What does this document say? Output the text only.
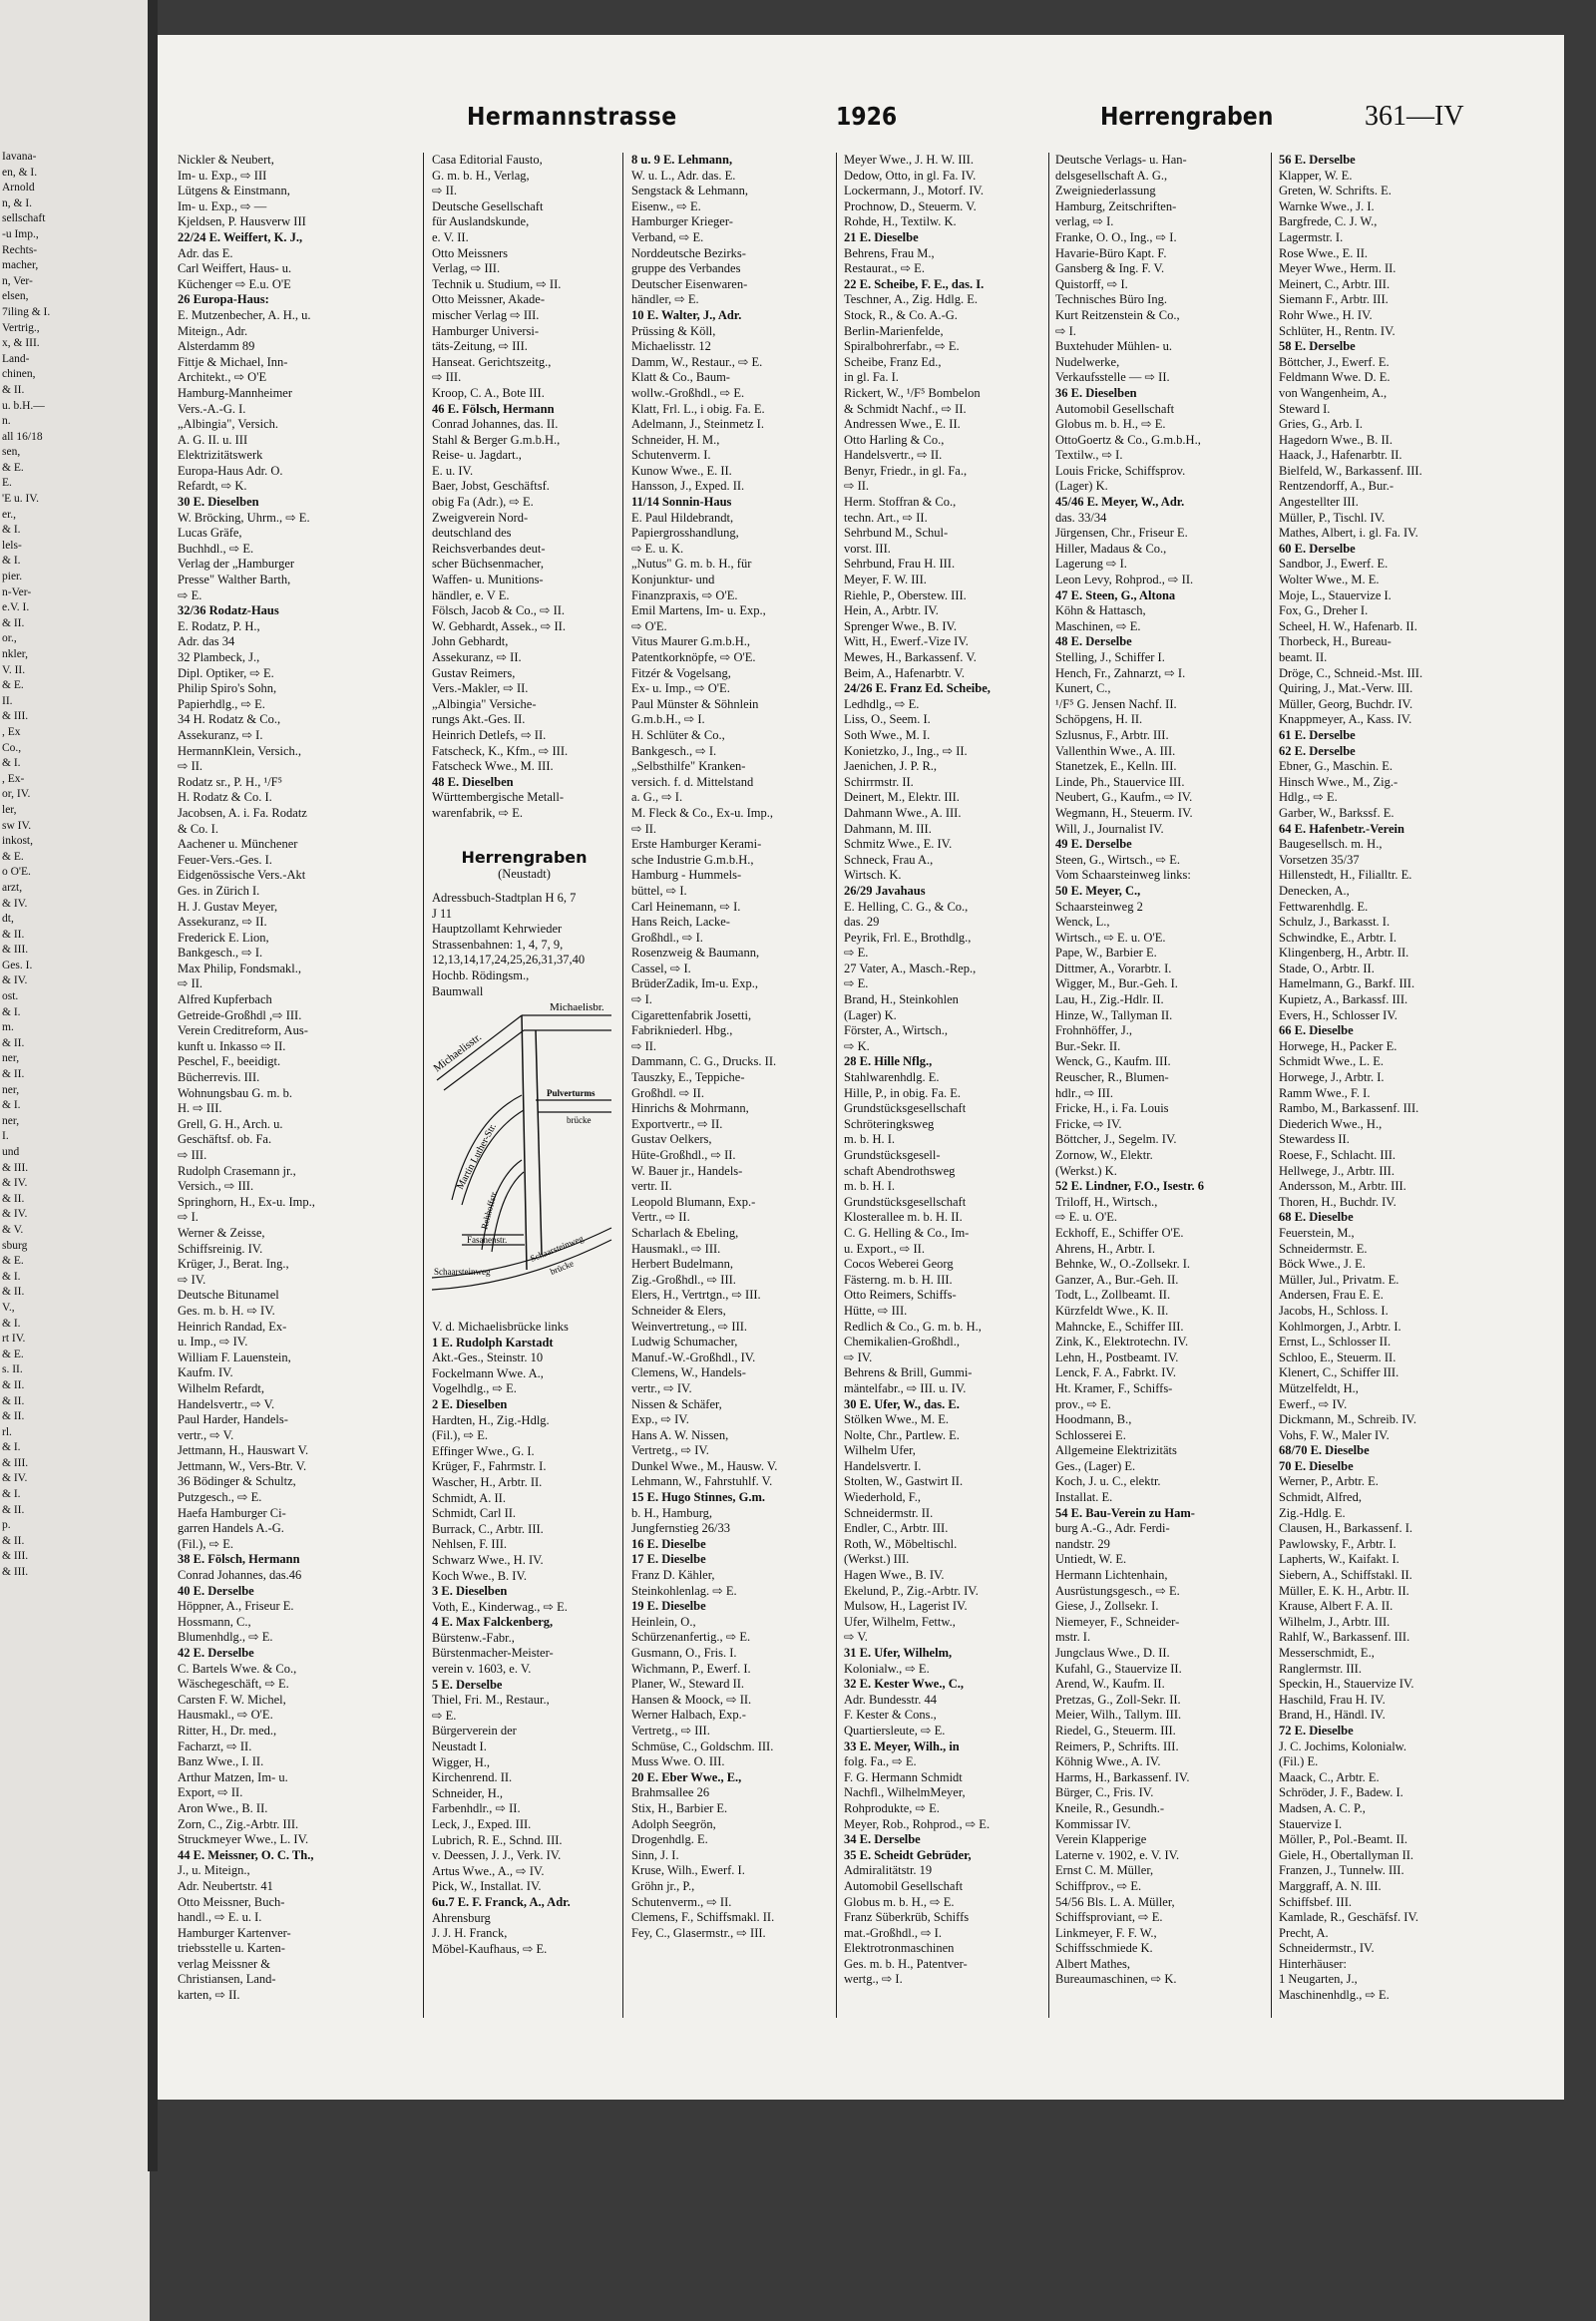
Iavana-
en, & I.
Arnold
n, & I.
sellschaft
-u Imp.,
Rechts-
macher,
n, Ver-
elsen,
7iling & I.
Vertrig.,
x, & III.
Land-
chinen,
& II.
u. b.H.—
n.
all 16/18
sen,
& E.
E.
'E u. IV.
er.,
& I.
lels-
& I.
pier.
n-Ver-
e.V. I.
& II.
or.,
nkler,
V. II.
& E.
II.
& III.
, Ex
Co.,
& I.
, Ex-
or, IV.
ler,
sw IV.
inkost,
& E.
o O'E.
arzt,
& IV.
dt,
& II.
& III.
Ges. I.
& IV.
ost.
& I.
m.
& II.
ner,
& II.
ner,
& I.
ner,
I.
und
& III.
& IV.
& II.
& IV.
& V.
sburg
& E.
& I.
& II.
V.,
& I.
rt IV.
& E.
s. II.
& II.
& II.
& II.
rl.
& I.
& III.
& IV.
& I.
& II.
p.
& II.
& III.
& III.
Hermannstrasse	1926	Herrengraben	361—IV
Nickler & Neubert,
Im- u. Exp., ⇨ III
Lütgens & Einstmann,
Im- u. Exp., ⇨ —
Kjeldsen, P. Hausverw III
22/24 E. Weiffert, K. J.,
Adr. das E.
Carl Weiffert, Haus- u.
Küchenger ⇨ E.u. O'E
26 Europa-Haus:
E. Mutzenbecher, A. H., u.
Miteign., Adr.
Alsterdamm 89
Fittje & Michael, Inn-
Architekt., ⇨ O'E
Hamburg-Mannheimer
Vers.-A.-G. I.
„Albingia", Versich.
A. G. II. u. III
Elektrizitätswerk
Europa-Haus Adr. O.
Refardt, ⇨ K.
30 E. Dieselben
W. Bröcking, Uhrm., ⇨ E.
Lucas Gräfe,
Buchhdl., ⇨ E.
Verlag der „Hamburger
Presse" Walther Barth,
⇨ E.
32/36 Rodatz-Haus
E. Rodatz, P. H.,
Adr. das 34
32 Plambeck, J.,
Dipl. Optiker, ⇨ E.
Philip Spiro's Sohn,
Papierhdlg., ⇨ E.
34 H. Rodatz & Co.,
Assekuranz, ⇨ I.
HermannKlein, Versich.,
⇨ II.
Rodatz sr., P. H., ¹/F⁵
H. Rodatz & Co. I.
Jacobsen, A. i. Fa. Rodatz
& Co. I.
Aachener u. Münchener
Feuer-Vers.-Ges. I.
Eidgenössische Vers.-Akt
Ges. in Zürich I.
H. J. Gustav Meyer,
Assekuranz, ⇨ II.
Frederick E. Lion,
Bankgesch., ⇨ I.
Max Philip, Fondsmakl.,
⇨ II.
Alfred Kupferbach
Getreide-Großhdl ,⇨ III.
Verein Creditreform, Aus-
kunft u. Inkasso ⇨ II.
Peschel, F., beeidigt.
Bücherrevis. III.
Wohnungsbau G. m. b.
H. ⇨ III.
Grell, G. H., Arch. u.
Geschäftsf. ob. Fa.
⇨ III.
Rudolph Crasemann jr.,
Versich., ⇨ III.
Springhorn, H., Ex-u. Imp.,
⇨ I.
Werner & Zeisse,
Schiffsreinig. IV.
Krüger, J., Berat. Ing.,
⇨ IV.
Deutsche Bitunamel
Ges. m. b. H. ⇨ IV.
Heinrich Randad, Ex-
u. Imp., ⇨ IV.
William F. Lauenstein,
Kaufm. IV.
Wilhelm Refardt,
Handelsvertr., ⇨ V.
Paul Harder, Handels-
vertr., ⇨ V.
Jettmann, H., Hauswart V.
Jettmann, W., Vers-Btr. V.
36 Bödinger & Schultz,
Putzgesch., ⇨ E.
Haefa Hamburger Ci-
garren Handels A.-G.
(Fil.), ⇨ E.
38 E. Fölsch, Hermann
Conrad Johannes, das.46
40 E. Derselbe
Höppner, A., Friseur E.
Hossmann, C.,
Blumenhdlg., ⇨ E.
42 E. Derselbe
C. Bartels Wwe. & Co.,
Wäschegeschäft, ⇨ E.
Carsten F. W. Michel,
Hausmakl., ⇨ O'E.
Ritter, H., Dr. med.,
Facharzt, ⇨ II.
Banz Wwe., I. II.
Arthur Matzen, Im- u.
Export, ⇨ II.
Aron Wwe., B. II.
Zorn, C., Zig.-Arbtr. III.
Struckmeyer Wwe., L. IV.
44 E. Meissner, O. C. Th.,
J., u. Miteign.,
Adr. Neubertstr. 41
Otto Meissner, Buch-
handl., ⇨ E. u. I.
Hamburger Kartenver-
triebsstelle u. Karten-
verlag Meissner &
Christiansen, Land-
karten, ⇨ II.
Casa Editorial Fausto,
G. m. b. H., Verlag,
⇨ II.
Deutsche Gesellschaft
für Auslandskunde,
e. V. II.
Otto Meissners
Verlag, ⇨ III.
Technik u. Studium, ⇨ II.
Otto Meissner, Akade-
mischer Verlag ⇨ III.
Hamburger Universi-
täts-Zeitung, ⇨ III.
Hanseat. Gerichtszeitg.,
⇨ III.
Kroop, C. A., Bote III.
46 E. Fölsch, Hermann
Conrad Johannes, das. II.
Stahl & Berger G.m.b.H.,
Reise- u. Jagdart.,
E. u. IV.
Baer, Jobst, Geschäftsf.
obig Fa (Adr.), ⇨ E.
Zweigverein Nord-
deutschland des
Reichsverbandes deut-
scher Büchsenmacher,
Waffen- u. Munitions-
händler, e. V E.
Fölsch, Jacob & Co., ⇨ II.
W. Gebhardt, Assek., ⇨ II.
John Gebhardt,
Assekuranz, ⇨ II.
Gustav Reimers,
Vers.-Makler, ⇨ II.
„Albingia" Versiche-
rungs Akt.-Ges. II.
Heinrich Detlefs, ⇨ II.
Fatscheck, K., Kfm., ⇨ III.
Fatscheck Wwe., M. III.
48 E. Dieselben
Württembergische Metall-
warenfabrik, ⇨ E.
Herrengraben
(Neustadt)
Adressbuch-Stadtplan H 6, 7
J 11
Hauptzollamt Kehrwieder
Strassenbahnen: 1, 4, 7, 9,
12,13,14,17,24,25,26,31,37,40
Hochb. Rödingsm.,
Baumwall
Michaelisbr.
Michaelisstr.
Martin Luther-Str.
Pulverturms
brücke
Rehhoffstr.
Fasanenstr.
Schaarsteinweg
Schaarsteinweg
brücke
V. d. Michaelisbrücke links
1 E. Rudolph Karstadt
Akt.-Ges., Steinstr. 10
Fockelmann Wwe. A.,
Vogelhdlg., ⇨ E.
2 E. Dieselben
Hardten, H., Zig.-Hdlg.
(Fil.), ⇨ E.
Effinger Wwe., G. I.
Krüger, F., Fahrmstr. I.
Wascher, H., Arbtr. II.
Schmidt, A. II.
Schmidt, Carl II.
Burrack, C., Arbtr. III.
Nehlsen, F. III.
Schwarz Wwe., H. IV.
Koch Wwe., B. IV.
3 E. Dieselben
Voth, E., Kinderwag., ⇨ E.
4 E. Max Falckenberg,
Bürstenw.-Fabr.,
Bürstenmacher-Meister-
verein v. 1603, e. V.
5 E. Derselbe
Thiel, Fri. M., Restaur.,
⇨ E.
Bürgerverein der
Neustadt I.
Wigger, H.,
Kirchenrend. II.
Schneider, H.,
Farbenhdlr., ⇨ II.
Leck, J., Exped. III.
Lubrich, R. E., Schnd. III.
v. Deessen, J. J., Verk. IV.
Artus Wwe., A., ⇨ IV.
Pick, W., Installat. IV.
6u.7 E. F. Franck, A., Adr.
Ahrensburg
J. J. H. Franck,
Möbel-Kaufhaus, ⇨ E.
8 u. 9 E. Lehmann,
W. u. L., Adr. das. E.
Sengstack & Lehmann,
Eisenw., ⇨ E.
Hamburger Krieger-
Verband, ⇨ E.
Norddeutsche Bezirks-
gruppe des Verbandes
Deutscher Eisenwaren-
händler, ⇨ E.
10 E. Walter, J., Adr.
Prüssing & Köll,
Michaelisstr. 12
Damm, W., Restaur., ⇨ E.
Klatt & Co., Baum-
wollw.-Großhdl., ⇨ E.
Klatt, Frl. L., i obig. Fa. E.
Adelmann, J., Steinmetz I.
Schneider, H. M.,
Schutenverm. I.
Kunow Wwe., E. II.
Hansson, J., Exped. II.
11/14 Sonnin-Haus
E. Paul Hildebrandt,
Papiergrosshandlung,
⇨ E. u. K.
„Nutus" G. m. b. H., für
Konjunktur- und
Finanzpraxis, ⇨ O'E.
Emil Martens, Im- u. Exp.,
⇨ O'E.
Vitus Maurer G.m.b.H.,
Patentkorknöpfe, ⇨ O'E.
Fitzér & Vogelsang,
Ex- u. Imp., ⇨ O'E.
Paul Münster & Söhnlein
G.m.b.H., ⇨ I.
H. Schlüter & Co.,
Bankgesch., ⇨ I.
„Selbsthilfe" Kranken-
versich. f. d. Mittelstand
a. G., ⇨ I.
M. Fleck & Co., Ex-u. Imp.,
⇨ II.
Erste Hamburger Kerami-
sche Industrie G.m.b.H.,
Hamburg - Hummels-
büttel, ⇨ I.
Carl Heinemann, ⇨ I.
Hans Reich, Lacke-
Großhdl., ⇨ I.
Rosenzweig & Baumann,
Cassel, ⇨ I.
BrüderZadik, Im-u. Exp.,
⇨ I.
Cigarettenfabrik Josetti,
Fabrikniederl. Hbg.,
⇨ II.
Dammann, C. G., Drucks. II.
Tauszky, E., Teppiche-
Großhdl. ⇨ II.
Hinrichs & Mohrmann,
Exportvertr., ⇨ II.
Gustav Oelkers,
Hüte-Großhdl., ⇨ II.
W. Bauer jr., Handels-
vertr. II.
Leopold Blumann, Exp.-
Vertr., ⇨ II.
Scharlach & Ebeling,
Hausmakl., ⇨ III.
Herbert Budelmann,
Zig.-Großhdl., ⇨ III.
Elers, H., Vertrtgn., ⇨ III.
Schneider & Elers,
Weinvertretung., ⇨ III.
Ludwig Schumacher,
Manuf.-W.-Großhdl., IV.
Clemens, W., Handels-
vertr., ⇨ IV.
Nissen & Schäfer,
Exp., ⇨ IV.
Hans A. W. Nissen,
Vertretg., ⇨ IV.
Dunkel Wwe., M., Hausw. V.
Lehmann, W., Fahrstuhlf. V.
15 E. Hugo Stinnes, G.m.
b. H., Hamburg,
Jungfernstieg 26/33
16 E. Dieselbe
17 E. Dieselbe
Franz D. Kähler,
Steinkohlenlag. ⇨ E.
19 E. Dieselbe
Heinlein, O.,
Schürzenanfertig., ⇨ E.
Gusmann, O., Fris. I.
Wichmann, P., Ewerf. I.
Planer, W., Steward II.
Hansen & Moock, ⇨ II.
Werner Halbach, Exp.-
Vertretg., ⇨ III.
Schmüse, C., Goldschm. III.
Muss Wwe. O. III.
20 E. Eber Wwe., E.,
Brahmsallee 26
Stix, H., Barbier E.
Adolph Seegrön,
Drogenhdlg. E.
Sinn, J. I.
Kruse, Wilh., Ewerf. I.
Gröhn jr., P.,
Schutenverm., ⇨ II.
Clemens, F., Schiffsmakl. II.
Fey, C., Glasermstr., ⇨ III.
Meyer Wwe., J. H. W. III.
Dedow, Otto, in gl. Fa. IV.
Lockermann, J., Motorf. IV.
Prochnow, D., Steuerm. V.
Rohde, H., Textilw. K.
21 E. Dieselbe
Behrens, Frau M.,
Restaurat., ⇨ E.
22 E. Scheibe, F. E., das. I.
Teschner, A., Zig. Hdlg. E.
Stock, R., & Co. A.-G.
Berlin-Marienfelde,
Spiralbohrerfabr., ⇨ E.
Scheibe, Franz Ed.,
in gl. Fa. I.
Rickert, W., ¹/F⁵ Bombelon
& Schmidt Nachf., ⇨ II.
Andressen Wwe., E. II.
Otto Harling & Co.,
Handelsvertr., ⇨ II.
Benyr, Friedr., in gl. Fa.,
⇨ II.
Herm. Stoffran & Co.,
techn. Art., ⇨ II.
Sehrbund M., Schul-
vorst. III.
Sehrbund, Frau H. III.
Meyer, F. W. III.
Riehle, P., Oberstew. III.
Hein, A., Arbtr. IV.
Sprenger Wwe., B. IV.
Witt, H., Ewerf.-Vize IV.
Mewes, H., Barkassenf. V.
Beim, A., Hafenarbtr. V.
24/26 E. Franz Ed. Scheibe,
Ledhdlg., ⇨ E.
Liss, O., Seem. I.
Soth Wwe., M. I.
Konietzko, J., Ing., ⇨ II.
Jaenichen, J. P. R.,
Schirrmstr. II.
Deinert, M., Elektr. III.
Dahmann Wwe., A. III.
Dahmann, M. III.
Schmitz Wwe., E. IV.
Schneck, Frau A.,
Wirtsch. K.
26/29 Javahaus
E. Helling, C. G., & Co.,
das. 29
Peyrik, Frl. E., Brothdlg.,
⇨ E.
27 Vater, A., Masch.-Rep.,
⇨ E.
Brand, H., Steinkohlen
(Lager) K.
Förster, A., Wirtsch.,
⇨ K.
28 E. Hille Nflg.,
Stahlwarenhdlg. E.
Hille, P., in obig. Fa. E.
Grundstücksgesellschaft
Schröteringksweg
m. b. H. I.
Grundstücksgesell-
schaft Abendrothsweg
m. b. H. I.
Grundstücksgesellschaft
Klosterallee m. b. H. II.
C. G. Helling & Co., Im-
u. Export., ⇨ II.
Cocos Weberei Georg
Fästerng. m. b. H. III.
Otto Reimers, Schiffs-
Hütte, ⇨ III.
Redlich & Co., G. m. b. H.,
Chemikalien-Großhdl.,
⇨ IV.
Behrens & Brill, Gummi-
mäntelfabr., ⇨ III. u. IV.
30 E. Ufer, W., das. E.
Stölken Wwe., M. E.
Nolte, Chr., Partlew. E.
Wilhelm Ufer,
Handelsvertr. I.
Stolten, W., Gastwirt II.
Wiederhold, F.,
Schneidermstr. II.
Endler, C., Arbtr. III.
Roth, W., Möbeltischl.
(Werkst.) III.
Hagen Wwe., B. IV.
Ekelund, P., Zig.-Arbtr. IV.
Mulsow, H., Lagerist IV.
Ufer, Wilhelm, Fettw.,
⇨ V.
31 E. Ufer, Wilhelm,
Kolonialw., ⇨ E.
32 E. Kester Wwe., C.,
Adr. Bundesstr. 44
F. Kester & Cons.,
Quartiersleute, ⇨ E.
33 E. Meyer, Wilh., in
folg. Fa., ⇨ E.
F. G. Hermann Schmidt
Nachfl., WilhelmMeyer,
Rohprodukte, ⇨ E.
Meyer, Rob., Rohprod., ⇨ E.
34 E. Derselbe
35 E. Scheidt Gebrüder,
Admiralitätstr. 19
Automobil Gesellschaft
Globus m. b. H., ⇨ E.
Franz Süberkrüb, Schiffs
mat.-Großhdl., ⇨ I.
Elektrotronmaschinen
Ges. m. b. H., Patentver-
wertg., ⇨ I.
Deutsche Verlags- u. Han-
delsgesellschaft A. G.,
Zweigniederlassung
Hamburg, Zeitschriften-
verlag, ⇨ I.
Franke, O. O., Ing., ⇨ I.
Havarie-Büro Kapt. F.
Gansberg & Ing. F. V.
Quistorff, ⇨ I.
Technisches Büro Ing.
Kurt Reitzenstein & Co.,
⇨ I.
Buxtehuder Mühlen- u.
Nudelwerke,
Verkaufsstelle — ⇨ II.
36 E. Dieselben
Automobil Gesellschaft
Globus m. b. H., ⇨ E.
OttoGoertz & Co., G.m.b.H.,
Textilw., ⇨ I.
Louis Fricke, Schiffsprov.
(Lager) K.
45/46 E. Meyer, W., Adr.
das. 33/34
Jürgensen, Chr., Friseur E.
Hiller, Madaus & Co.,
Lagerung ⇨ I.
Leon Levy, Rohprod., ⇨ II.
47 E. Steen, G., Altona
Köhn & Hattasch,
Maschinen, ⇨ E.
48 E. Derselbe
Stelling, J., Schiffer I.
Hench, Fr., Zahnarzt, ⇨ I.
Kunert, C.,
¹/F⁵ G. Jensen Nachf. II.
Schöpgens, H. II.
Szlusnus, F., Arbtr. III.
Vallenthin Wwe., A. III.
Stanetzek, E., Kelln. III.
Linde, Ph., Stauervice III.
Neubert, G., Kaufm., ⇨ IV.
Wegmann, H., Steuerm. IV.
Will, J., Journalist IV.
49 E. Derselbe
Steen, G., Wirtsch., ⇨ E.
Vom Schaarsteinweg links:
50 E. Meyer, C.,
Schaarsteinweg 2
Wenck, L.,
Wirtsch., ⇨ E. u. O'E.
Pape, W., Barbier E.
Dittmer, A., Vorarbtr. I.
Wigger, M., Bur.-Geh. I.
Lau, H., Zig.-Hdlr. II.
Hinze, W., Tallyman II.
Frohnhöffer, J.,
Bur.-Sekr. II.
Wenck, G., Kaufm. III.
Reuscher, R., Blumen-
hdlr., ⇨ III.
Fricke, H., i. Fa. Louis
Fricke, ⇨ IV.
Böttcher, J., Segelm. IV.
Zornow, W., Elektr.
(Werkst.) K.
52 E. Lindner, F.O., Isestr. 6
Triloff, H., Wirtsch.,
⇨ E. u. O'E.
Eckhoff, E., Schiffer O'E.
Ahrens, H., Arbtr. I.
Behnke, W., O.-Zollsekr. I.
Ganzer, A., Bur.-Geh. II.
Todt, L., Zollbeamt. II.
Kürzfeldt Wwe., K. II.
Mahncke, E., Schiffer III.
Zink, K., Elektrotechn. IV.
Lehn, H., Postbeamt. IV.
Lenck, F. A., Fabrkt. IV.
Ht. Kramer, F., Schiffs-
prov., ⇨ E.
Hoodmann, B.,
Schlosserei E.
Allgemeine Elektrizitäts
Ges., (Lager) E.
Koch, J. u. C., elektr.
Installat. E.
54 E. Bau-Verein zu Ham-
burg A.-G., Adr. Ferdi-
nandstr. 29
Untiedt, W. E.
Hermann Lichtenhain,
Ausrüstungsgesch., ⇨ E.
Giese, J., Zollsekr. I.
Niemeyer, F., Schneider-
mstr. I.
Jungclaus Wwe., D. II.
Kufahl, G., Stauervize II.
Arend, W., Kaufm. II.
Pretzas, G., Zoll-Sekr. II.
Meier, Wilh., Tallym. III.
Riedel, G., Steuerm. III.
Reimers, P., Schrifts. III.
Köhnig Wwe., A. IV.
Harms, H., Barkassenf. IV.
Bürger, C., Fris. IV.
Kneile, R., Gesundh.-
Kommissar IV.
Verein Klapperige
Laterne v. 1902, e. V. IV.
Ernst C. M. Müller,
Schiffprov., ⇨ E.
54/56 Bls. L. A. Müller,
Schiffsproviant, ⇨ E.
Linkmeyer, F. F. W.,
Schiffsschmiede K.
Albert Mathes,
Bureaumaschinen, ⇨ K.
56 E. Derselbe
Klapper, W. E.
Greten, W. Schrifts. E.
Warnke Wwe., J. I.
Bargfrede, C. J. W.,
Lagermstr. I.
Rose Wwe., E. II.
Meyer Wwe., Herm. II.
Meinert, C., Arbtr. III.
Siemann F., Arbtr. III.
Rohr Wwe., H. IV.
Schlüter, H., Rentn. IV.
58 E. Derselbe
Böttcher, J., Ewerf. E.
Feldmann Wwe. D. E.
von Wangenheim, A.,
Steward I.
Gries, G., Arb. I.
Hagedorn Wwe., B. II.
Haack, J., Hafenarbtr. II.
Bielfeld, W., Barkassenf. III.
Rentzendorff, A., Bur.-
Angestellter III.
Müller, P., Tischl. IV.
Mathes, Albert, i. gl. Fa. IV.
60 E. Derselbe
Sandbor, J., Ewerf. E.
Wolter Wwe., M. E.
Moje, L., Stauervize I.
Fox, G., Dreher I.
Scheel, H. W., Hafenarb. II.
Thorbeck, H., Bureau-
beamt. II.
Dröge, C., Schneid.-Mst. III.
Quiring, J., Mat.-Verw. III.
Müller, Georg, Buchdr. IV.
Knappmeyer, A., Kass. IV.
61 E. Derselbe
62 E. Derselbe
Ebner, G., Maschin. E.
Hinsch Wwe., M., Zig.-
Hdlg., ⇨ E.
Garber, W., Barkssf. E.
64 E. Hafenbetr.-Verein
Baugesellsch. m. H.,
Vorsetzen 35/37
Hillenstedt, H., Filialltr. E.
Denecken, A.,
Fettwarenhdlg. E.
Schulz, J., Barkasst. I.
Schwindke, E., Arbtr. I.
Klingenberg, H., Arbtr. II.
Stade, O., Arbtr. II.
Hamelmann, G., Barkf. III.
Kupietz, A., Barkassf. III.
Evers, H., Schlosser IV.
66 E. Dieselbe
Horwege, H., Packer E.
Schmidt Wwe., L. E.
Horwege, J., Arbtr. I.
Ramm Wwe., F. I.
Rambo, M., Barkassenf. III.
Diederich Wwe., H.,
Stewardess II.
Roese, F., Schlacht. III.
Hellwege, J., Arbtr. III.
Andersson, M., Arbtr. III.
Thoren, H., Buchdr. IV.
68 E. Dieselbe
Feuerstein, M.,
Schneidermstr. E.
Böck Wwe., J. E.
Müller, Jul., Privatm. E.
Andersen, Frau E. E.
Jacobs, H., Schloss. I.
Kohlmorgen, J., Arbtr. I.
Ernst, L., Schlosser II.
Schloo, E., Steuerm. II.
Klenert, C., Schiffer III.
Mützelfeldt, H.,
Ewerf., ⇨ IV.
Dickmann, M., Schreib. IV.
Vohs, F. W., Maler IV.
68/70 E. Dieselbe
70 E. Dieselbe
Werner, P., Arbtr. E.
Schmidt, Alfred,
Zig.-Hdlg. E.
Clausen, H., Barkassenf. I.
Pawlowsky, F., Arbtr. I.
Lapherts, W., Kaifakt. I.
Siebern, A., Schiffstakl. II.
Müller, E. K. H., Arbtr. II.
Krause, Albert F. A. II.
Wilhelm, J., Arbtr. III.
Rahlf, W., Barkassenf. III.
Messerschmidt, E.,
Ranglermstr. III.
Speckin, H., Stauervize IV.
Haschild, Frau H. IV.
Brand, H., Händl. IV.
72 E. Dieselbe
J. C. Jochims, Kolonialw.
(Fil.) E.
Maack, C., Arbtr. E.
Schröder, J. F., Badew. I.
Madsen, A. C. P.,
Stauervize I.
Möller, P., Pol.-Beamt. II.
Giele, H., Obertallyman II.
Franzen, J., Tunnelw. III.
Marggraff, A. N. III.
Schiffsbef. III.
Kamlade, R., Geschäfsf. IV.
Precht, A.
Schneidermstr., IV.
Hinterhäuser:
1 Neugarten, J.,
Maschinenhdlg., ⇨ E.
